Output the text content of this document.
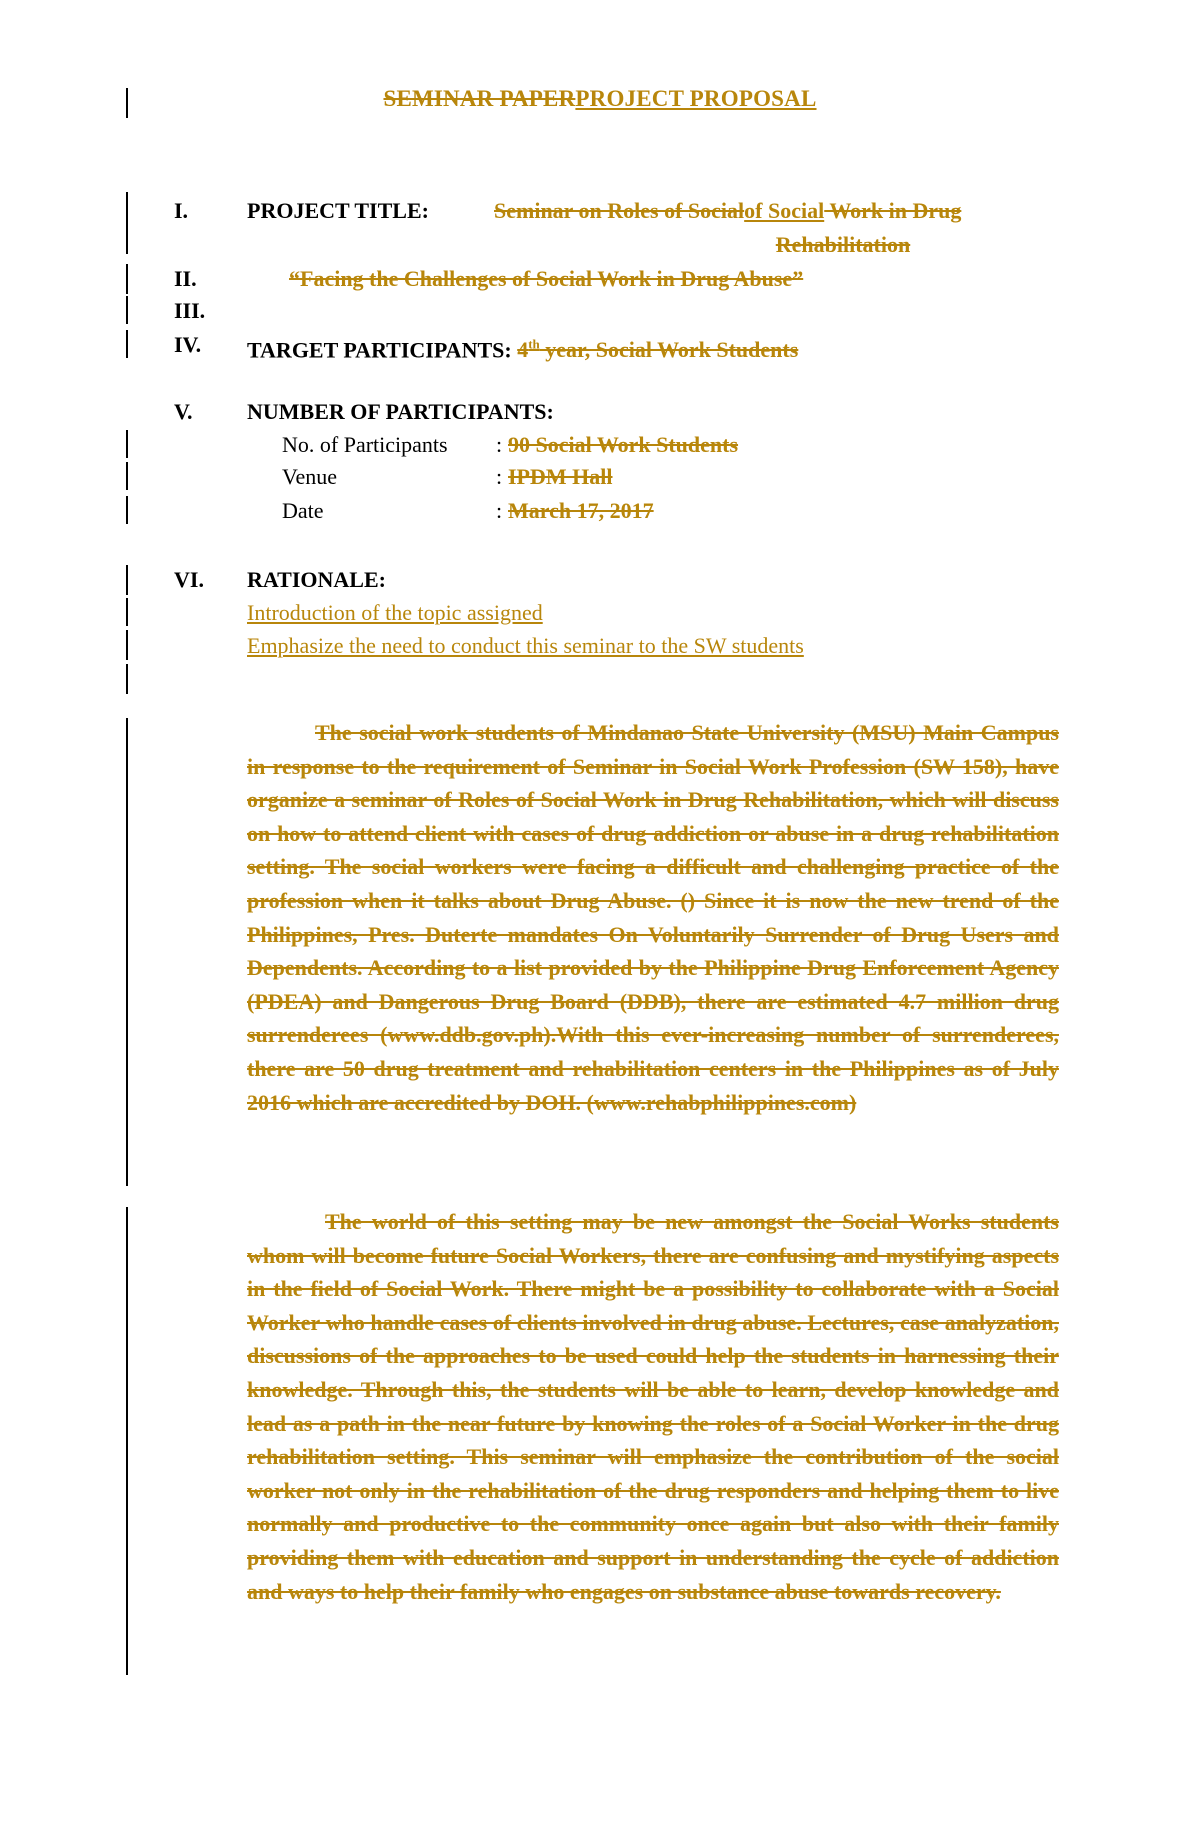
SEMINAR PAPERPROJECT PROPOSAL
I.	PROJECT TITLE:	Seminar on Roles of Socialof Social Work in Drug
Rehabilitation
II.	“Facing the Challenges of Social Work in Drug Abuse”
III.
IV. TARGET PARTICIPANTS: 4th year, Social Work Students
V. NUMBER OF PARTICIPANTS:
No. of Participants : 90 Social Work Students
Venue	: IPDM Hall
Date	: March 17, 2017
VI. RATIONALE:
Introduction of the topic assigned
Emphasize the need to conduct this seminar to the SW students
The social work students of Mindanao State University (MSU) Main Campus in response to the requirement of Seminar in Social Work Profession (SW 158), have organize a seminar of Roles of Social Work in Drug Rehabilitation, which will discuss on how to attend client with cases of drug addiction or abuse in a drug rehabilitation setting. The social workers were facing a difficult and challenging practice of the profession when it talks about Drug Abuse. () Since it is now the new trend of the Philippines, Pres. Duterte mandates On Voluntarily Surrender of Drug Users and Dependents. According to a list provided by the Philippine Drug Enforcement Agency (PDEA) and Dangerous Drug Board (DDB), there are estimated 4.7 million drug surrenderees (www.ddb.gov.ph).With this ever-increasing number of surrenderees, there are 50 drug treatment and rehabilitation centers in the Philippines as of July 2016 which are accredited by DOH. (www.rehabphilippines.com)
The world of this setting may be new amongst the Social Works students whom will become future Social Workers, there are confusing and mystifying aspects in the field of Social Work. There might be a possibility to collaborate with a Social Worker who handle cases of clients involved in drug abuse. Lectures, case analyzation, discussions of the approaches to be used could help the students in harnessing their knowledge. Through this, the students will be able to learn, develop knowledge and lead as a path in the near future by knowing the roles of a Social Worker in the drug rehabilitation setting. This seminar will emphasize the contribution of the social worker not only in the rehabilitation of the drug responders and helping them to live normally and productive to the community once again but also with their family providing them with education and support in understanding the cycle of addiction and ways to help their family who engages on substance abuse towards recovery.
